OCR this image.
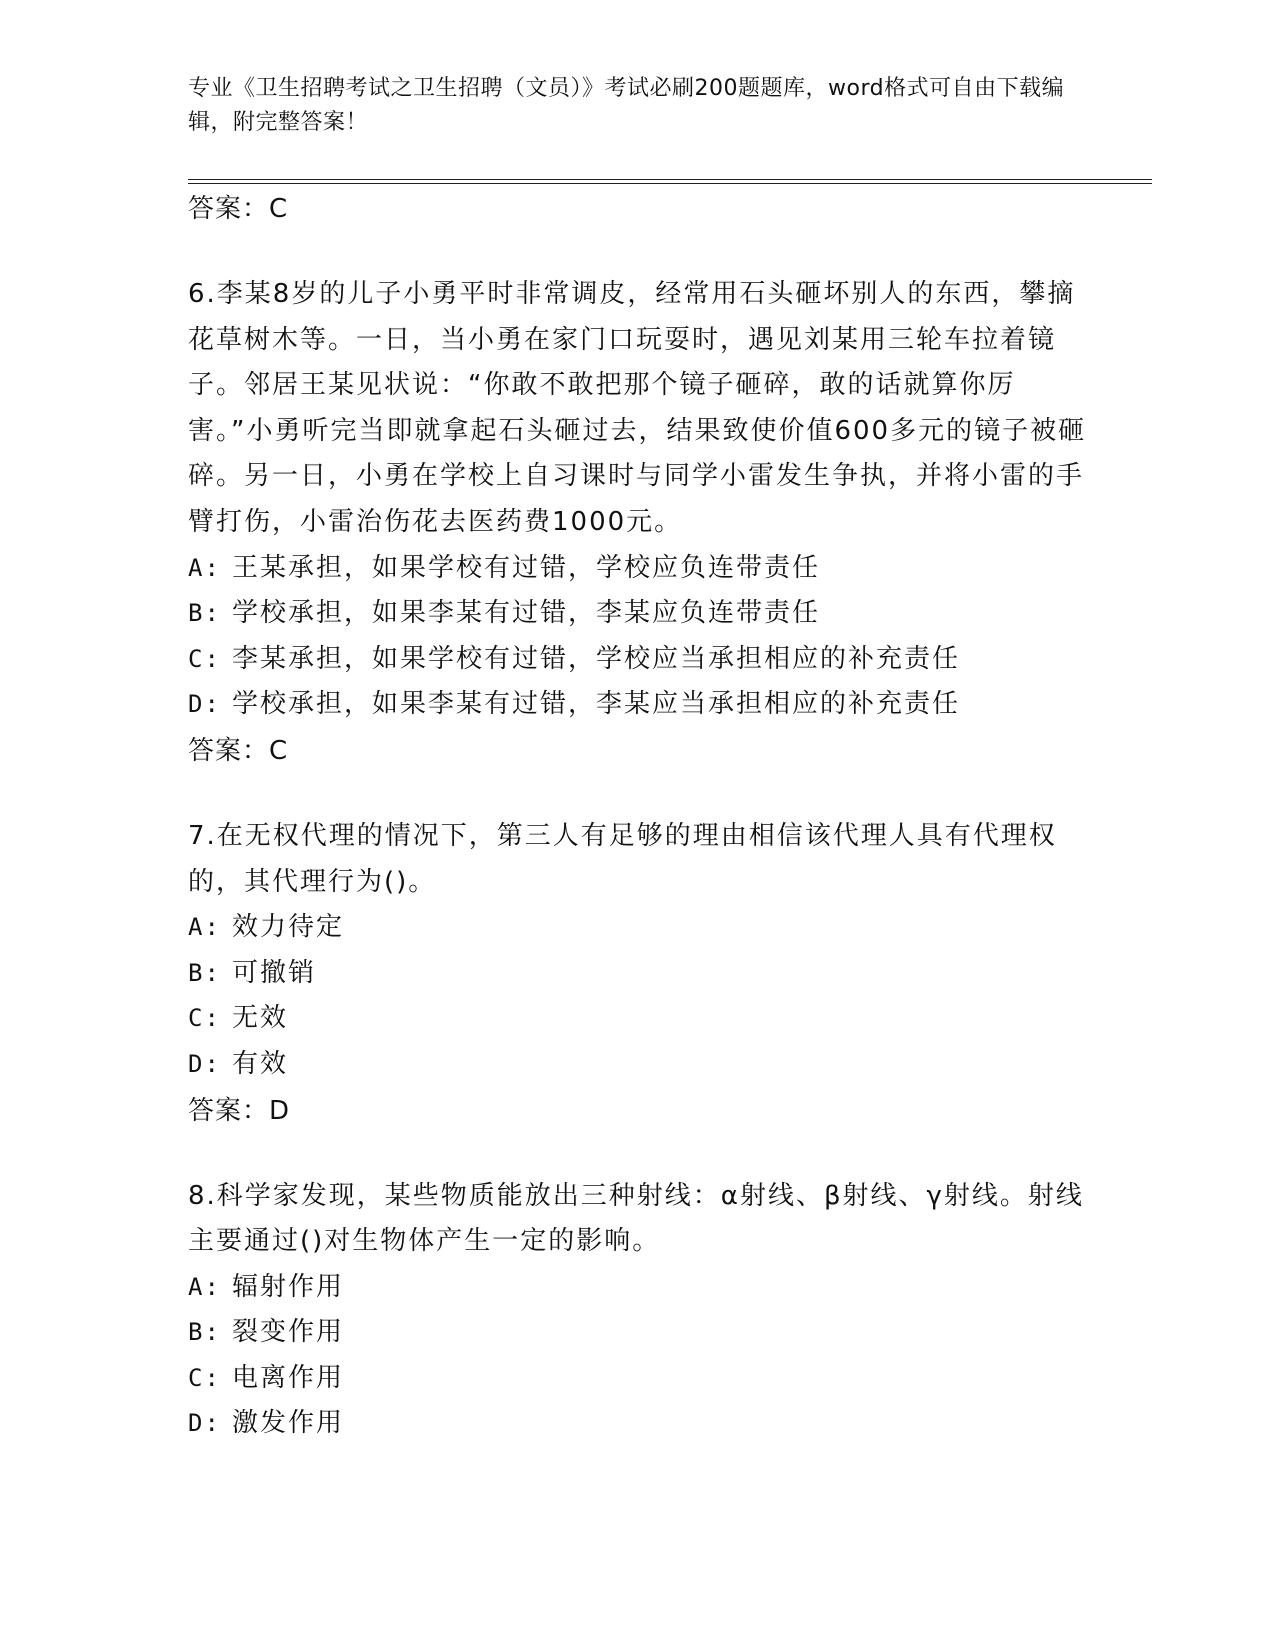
专业《卫生招聘考试之卫生招聘（文员）》考试必刷200题题库，word格式可自由下载编辑，附完整答案！
答案：C
6.李某8岁的儿子小勇平时非常调皮，经常用石头砸坏别人的东西，攀摘花草树木等。一日，当小勇在家门口玩耍时，遇见刘某用三轮车拉着镜子。邻居王某见状说：“你敢不敢把那个镜子砸碎，敢的话就算你厉害。”小勇听完当即就拿起石头砸过去，结果致使价值600多元的镜子被砸碎。另一日，小勇在学校上自习课时与同学小雷发生争执，并将小雷的手臂打伤，小雷治伤花去医药费1000元。
A: 王某承担，如果学校有过错，学校应负连带责任
B: 学校承担，如果李某有过错，李某应负连带责任
C: 李某承担，如果学校有过错，学校应当承担相应的补充责任
D: 学校承担，如果李某有过错，李某应当承担相应的补充责任
答案：C
7.在无权代理的情况下，第三人有足够的理由相信该代理人具有代理权的，其代理行为()。
A: 效力待定
B: 可撤销
C: 无效
D: 有效
答案：D
8.科学家发现，某些物质能放出三种射线：α射线、β射线、γ射线。射线主要通过()对生物体产生一定的影响。
A: 辐射作用
B: 裂变作用
C: 电离作用
D: 激发作用
